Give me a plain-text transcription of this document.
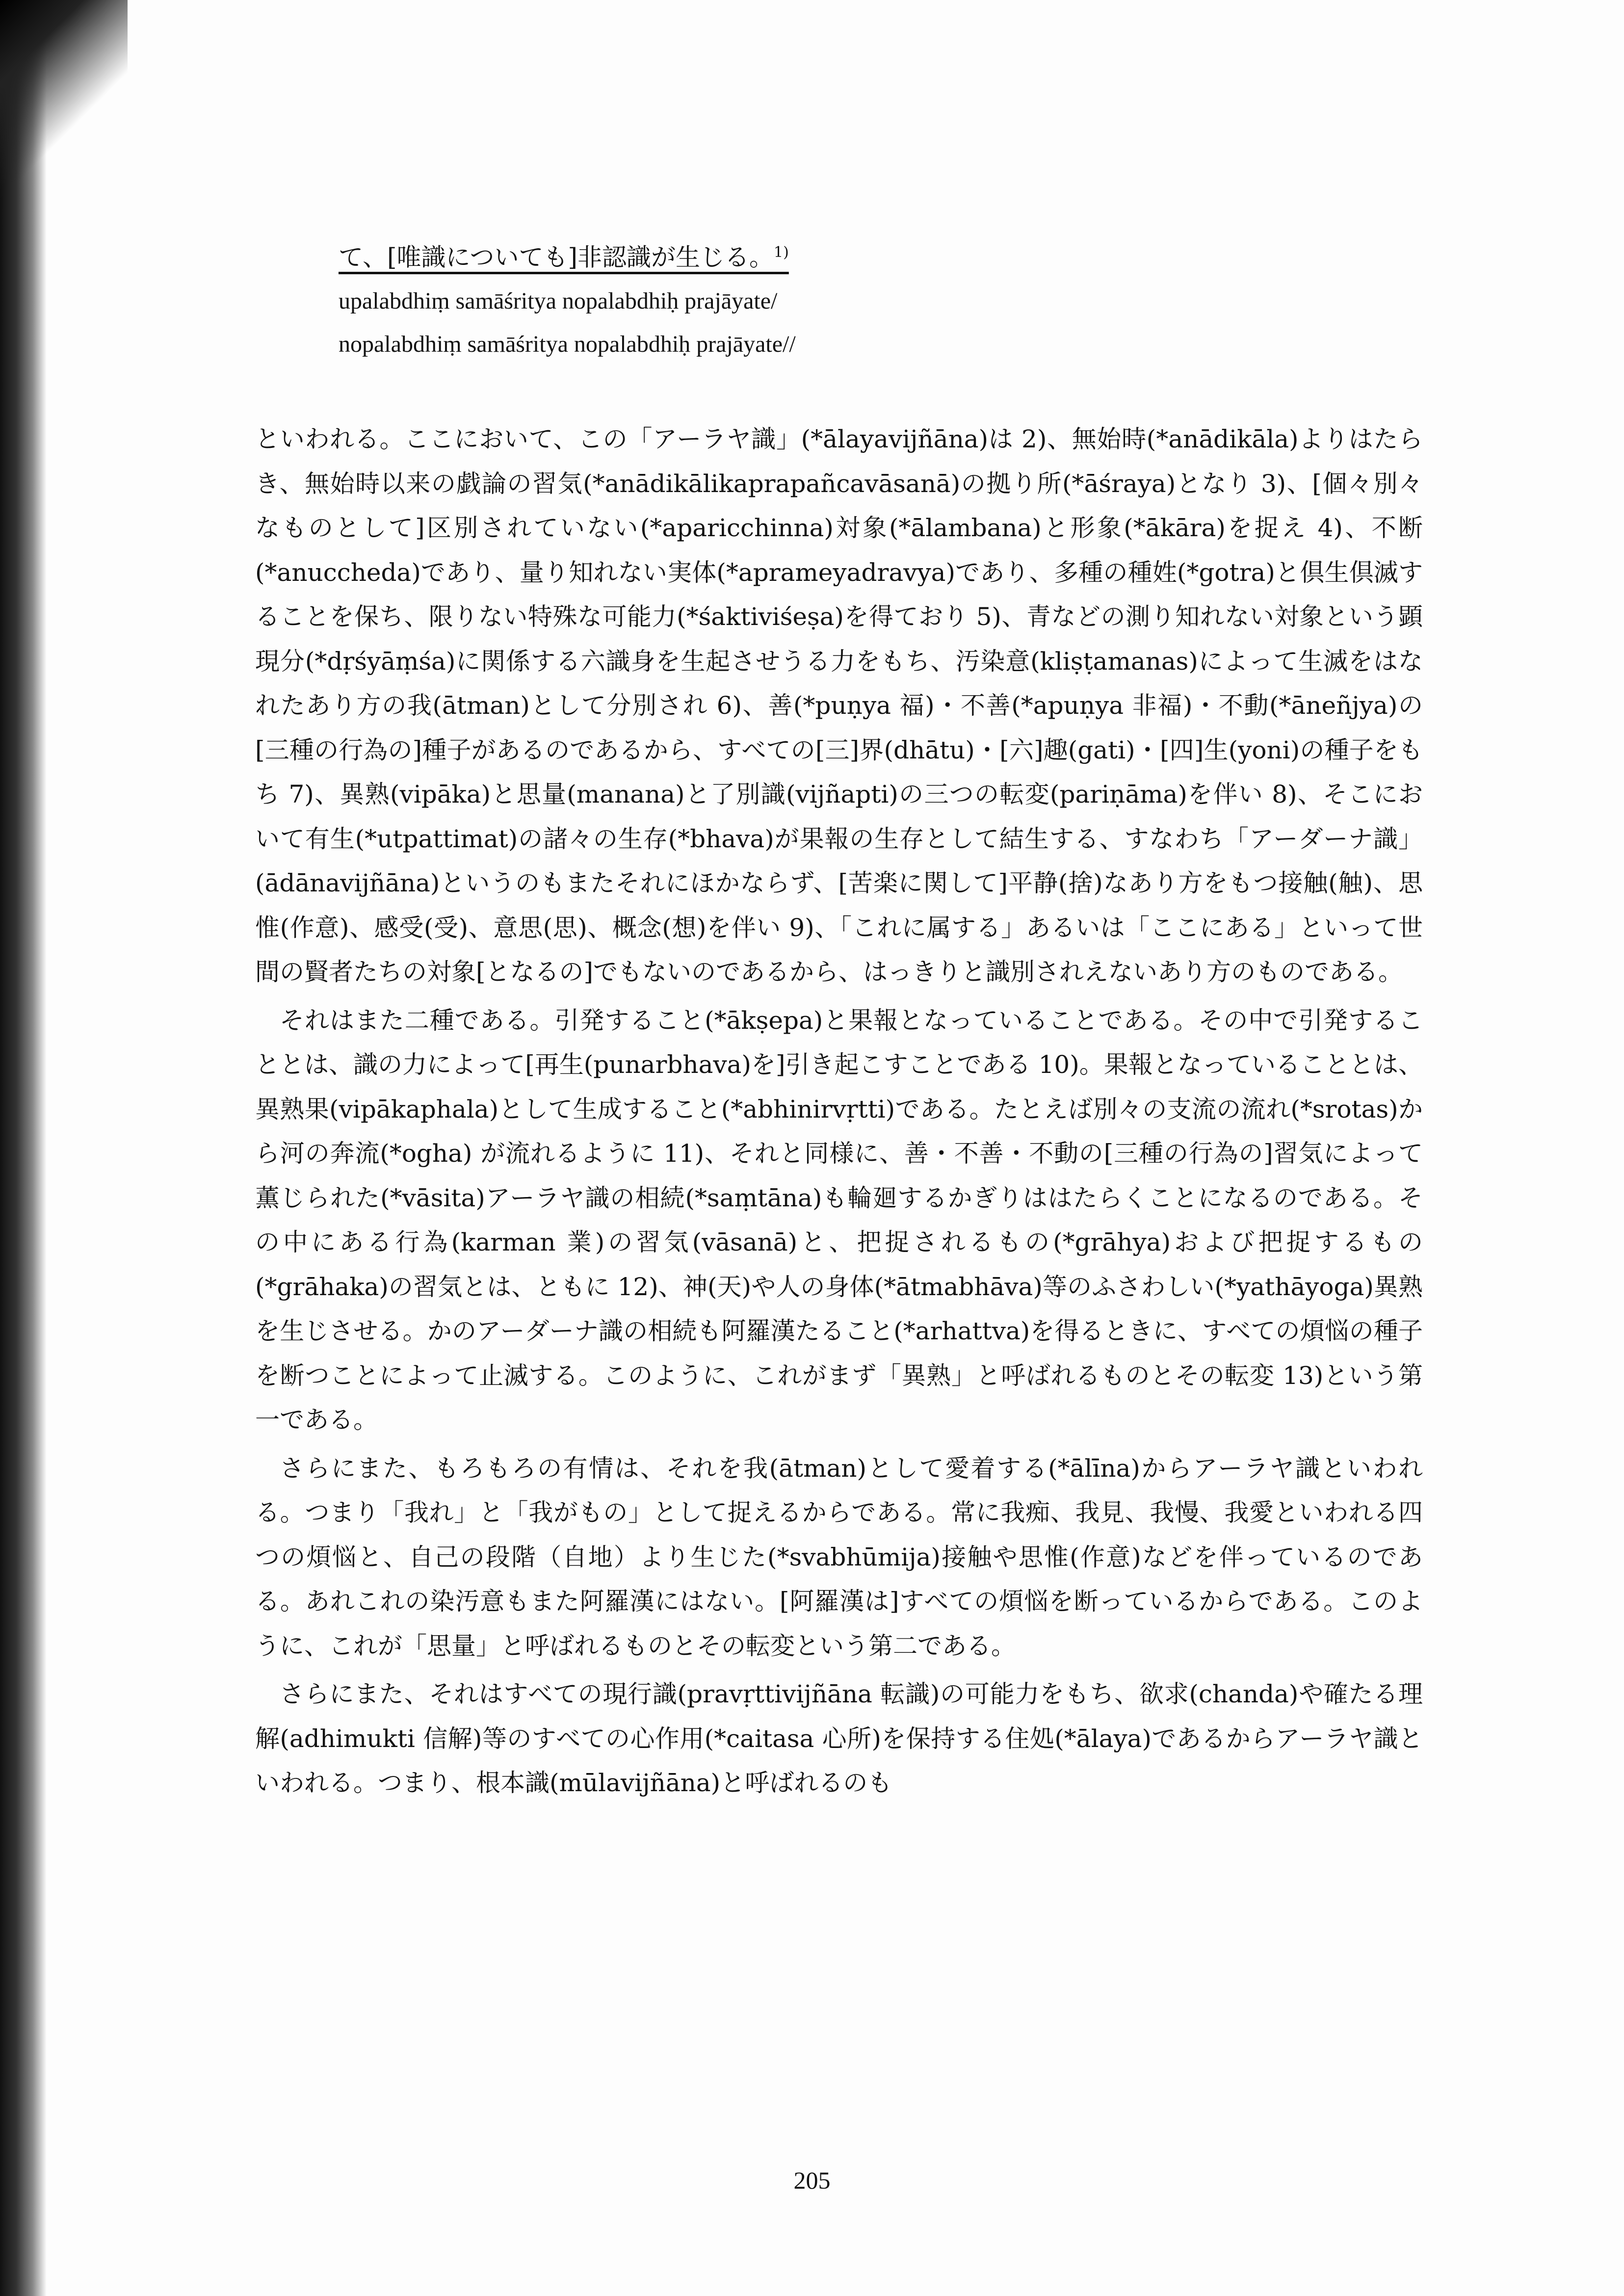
て、[唯識についても]非認識が生じる。$^{1)}$
upalabdhiṃ samāśritya nopalabdhiḥ prajāyate/
nopalabdhiṃ samāśritya nopalabdhiḥ prajāyate//

といわれる。ここにおいて、この「アーラヤ識」(*ālayavijñāna)は 2)、無始時(*anādikāla)よりはたらき、無始時以来の戯論の習気(*anādikālikaprapañcavāsanā)の拠り所(*āśraya)となり 3)、[個々別々なものとして]区別されていない(*aparicchinna)対象(*ālambana)と形象(*ākāra)を捉え 4)、不断(*anuccheda)であり、量り知れない実体(*aprameyadravya)であり、多種の種姓(*gotra)と倶生倶滅することを保ち、限りない特殊な可能力(*śaktiviśeṣa)を得ており 5)、青などの測り知れない対象という顕現分(*dṛśyāṃśa)に関係する六識身を生起させうる力をもち、汚染意(kliṣṭamanas)によって生滅をはなれたあり方の我(ātman)として分別され 6)、善(*puṇya 福)・不善(*apuṇya 非福)・不動(*āneñjya)の[三種の行為の]種子があるのであるから、すべての[三]界(dhātu)・[六]趣(gati)・[四]生(yoni)の種子をもち 7)、異熟(vipāka)と思量(manana)と了別識(vijñapti)の三つの転変(pariṇāma)を伴い 8)、そこにおいて有生(*utpattimat)の諸々の生存(*bhava)が果報の生存として結生する、すなわち「アーダーナ識」(ādānavijñāna)というのもまたそれにほかならず、[苦楽に関して]平静(捨)なあり方をもつ接触(触)、思惟(作意)、感受(受)、意思(思)、概念(想)を伴い 9)、「これに属する」あるいは「ここにある」といって世間の賢者たちの対象[となるの]でもないのであるから、はっきりと識別されえないあり方のものである。

それはまた二種である。引発すること(*ākṣepa)と果報となっていることである。その中で引発することとは、識の力によって[再生(punarbhava)を]引き起こすことである 10)。果報となっていることとは、異熟果(vipākaphala)として生成すること(*abhinirvṛtti)である。たとえば別々の支流の流れ(*srotas)から河の奔流(*ogha) が流れるように 11)、それと同様に、善・不善・不動の[三種の行為の]習気によって薫じられた(*vāsita)アーラヤ識の相続(*saṃtāna)も輪廻するかぎりははたらくことになるのである。その中にある行為(karman 業)の習気(vāsanā)と、把捉されるもの(*grāhya)および把捉するもの(*grāhaka)の習気とは、ともに 12)、神(天)や人の身体(*ātmabhāva)等のふさわしい(*yathāyoga)異熟を生じさせる。かのアーダーナ識の相続も阿羅漢たること(*arhattva)を得るときに、すべての煩悩の種子を断つことによって止滅する。このように、これがまず「異熟」と呼ばれるものとその転変 13)という第一である。

さらにまた、もろもろの有情は、それを我(ātman)として愛着する(*ālīna)からアーラヤ識といわれる。つまり「我れ」と「我がもの」として捉えるからである。常に我痴、我見、我慢、我愛といわれる四つの煩悩と、自己の段階（自地）より生じた(*svabhūmija)接触や思惟(作意)などを伴っているのである。あれこれの染汚意もまた阿羅漢にはない。[阿羅漢は]すべての煩悩を断っているからである。このように、これが「思量」と呼ばれるものとその転変という第二である。

さらにまた、それはすべての現行識(pravṛttivijñāna 転識)の可能力をもち、欲求(chanda)や確たる理解(adhimukti 信解)等のすべての心作用(*caitasa 心所)を保持する住処(*ālaya)であるからアーラヤ識といわれる。つまり、根本識(mūlavijñāna)と呼ばれるのも

205
